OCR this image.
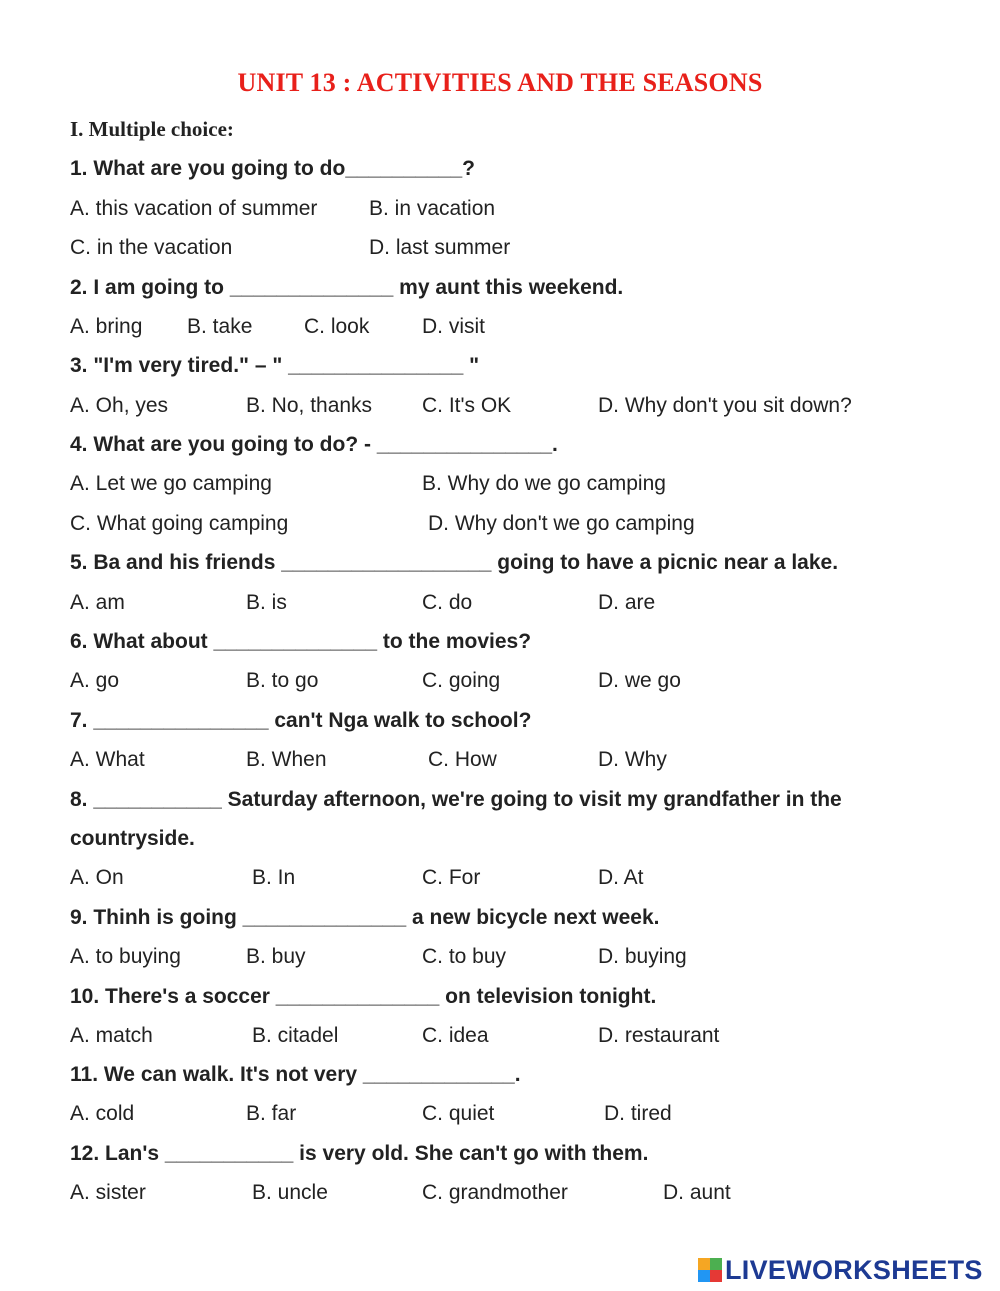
UNIT 13 : ACTIVITIES AND THE SEASONS
I. Multiple choice:
1. What are you going to do__________?
A. this vacation of summer B. in vacation
C. in the vacation	D. last summer
2. I am going to ______________ my aunt this weekend.
A. bring B. take C. look	D. visit
3. "I'm very tired." – " _______________ "
A. Oh, yes	B. No, thanks C. It's OK	D. Why don't you sit down?
4. What are you going to do? - _______________.
A. Let we go camping	B. Why do we go camping
C. What going camping	D. Why don't we go camping
5. Ba and his friends __________________ going to have a picnic near a lake.
A. am	B. is	C. do	D. are
6. What about ______________ to the movies?
A. go	B. to go	C. going	D. we go
7. _______________ can't Nga walk to school?
A. What	B. When	C. How	D. Why
8. ___________ Saturday afternoon, we're going to visit my grandfather in the
countryside.
A. On	B. In	C. For	D. At
9. Thinh is going ______________ a new bicycle next week.
A. to buying	B. buy	C. to buy	D. buying
10. There's a soccer ______________ on television tonight.
A. match	B. citadel	C. idea	D. restaurant
11. We can walk. It's not very _____________.
A. cold	B. far	C. quiet	D. tired
12. Lan's ___________ is very old. She can't go with them.
A. sister	B. uncle	C. grandmother	D. aunt
LIVEWORKSHEETS
